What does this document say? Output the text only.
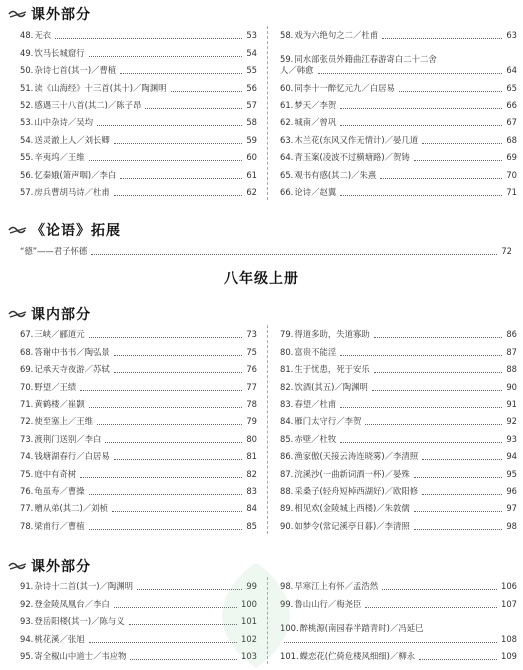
课外部分
48. 无衣	53
49. 饮马长城窟行	54
50. 杂诗七首(其一)／曹植	55
51. 读《山海经》十三首(其十)／陶渊明	56
52. 感遇三十八首(其二)／陈子昂	57
53. 山中杂诗／吴均	58
54. 送灵澈上人／刘长卿	59
55. 辛夷坞／王维	60
56. 忆秦娥(箫声咽)／李白	61
57. 房兵曹胡马诗／杜甫	62
58. 戏为六绝句之二／杜甫	63
59.同水部张员外籍曲江春游寄白二十二舍
人／韩愈	64
60. 同李十一醉忆元九／白居易	65
61. 梦天／李贺	66
62. 城南／曾巩	67
63. 木兰花(东风又作无情计)／晏几道	68
64. 青玉案(凌波不过横塘路)／贺铸	69
65. 观书有感(其二)／朱熹	70
66. 论诗／赵翼	71
《论语》拓展
“德”——君子怀德	72
八年级上册
课内部分
67. 三峡／郦道元	73
68. 答谢中书书／陶弘景	75
69. 记承天寺夜游／苏轼	76
70. 野望／王绩	77
71. 黄鹤楼／崔颢	78
72. 使至塞上／王维	79
73. 渡荆门送别／李白	80
74. 钱塘湖春行／白居易	81
75. 庭中有奇树	82
76. 龟虽寿／曹操	83
77. 赠从弟(其二)／刘桢	84
78. 梁甫行／曹植	85
79. 得道多助，失道寡助	86
80. 富贵不能淫	87
81. 生于忧患，死于安乐	88
82. 饮酒(其五)／陶渊明	90
83. 春望／杜甫	91
84. 雁门太守行／李贺	92
85. 赤壁／杜牧	93
86. 渔家傲(天接云涛连晓雾)／李清照	94
87. 浣溪沙(一曲新词酒一杯)／晏殊	95
88. 采桑子(轻舟短棹西湖好)／欧阳修	96
89. 相见欢(金陵城上西楼)／朱敦儒	97
90. 如梦令(常记溪亭日暮)／李清照	98
课外部分
91. 杂诗十二首(其一)／陶渊明	99
92. 登金陵凤凰台／李白	100
93. 登岳阳楼(其一)／陈与义	101
94. 桃花溪／张旭	102
95. 寄全椒山中道士／韦应物	103
98. 早寒江上有怀／孟浩然	106
99. 鲁山山行／梅尧臣	107
100.醉桃源(南园春半踏青时)／冯延巳
108
101. 蝶恋花(伫倚危楼风细细)／柳永	109
